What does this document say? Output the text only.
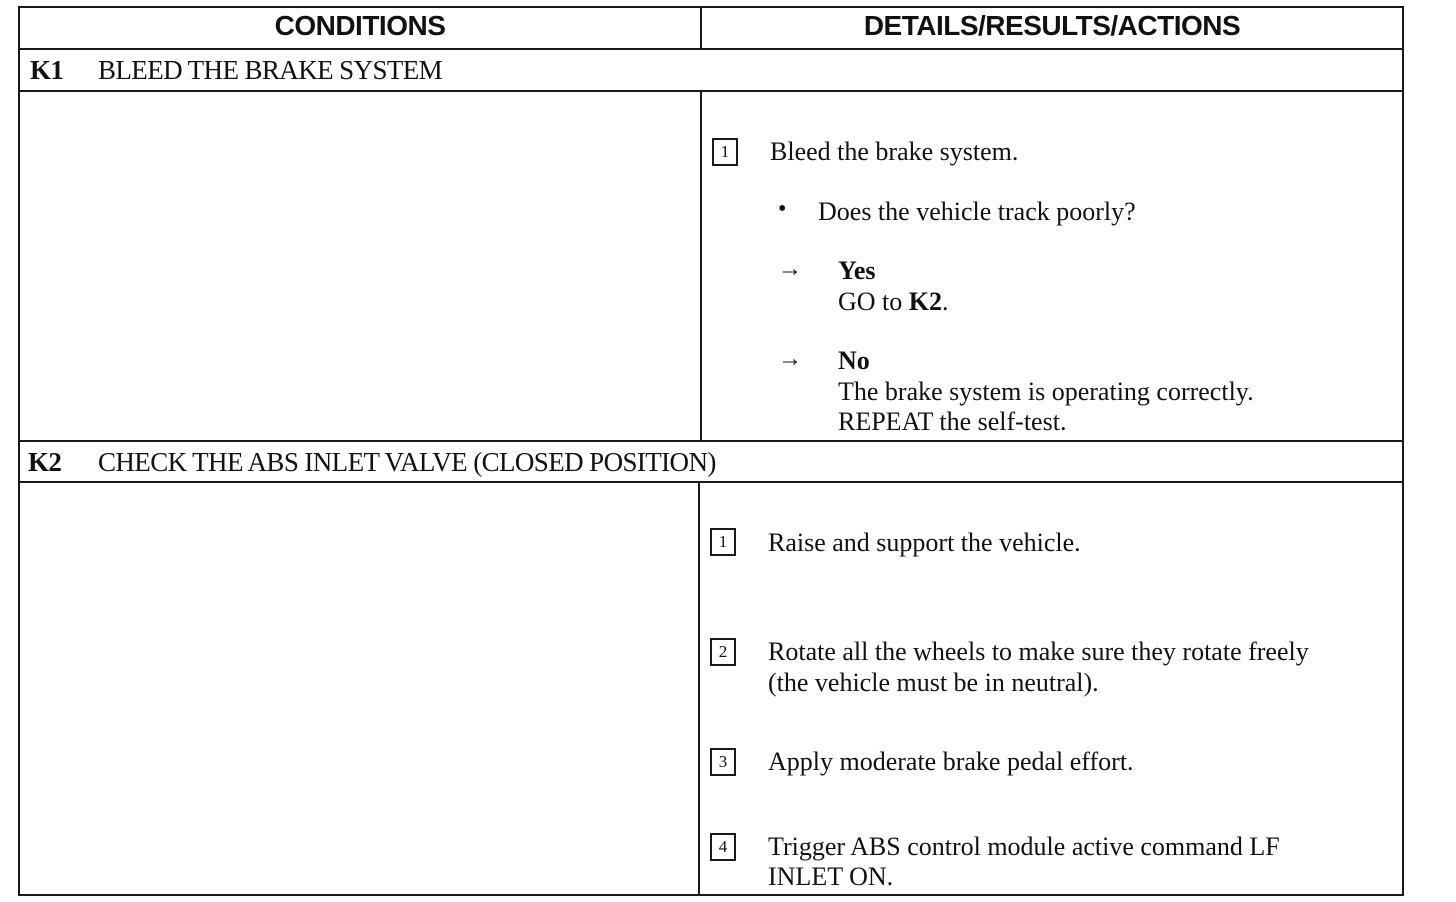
CONDITIONS	DETAILS/RESULTS/ACTIONS
K1 BLEED THE BRAKE SYSTEM
1	Bleed the brake system.
• Does the vehicle track poorly?
→ Yes
GO to K2.
→ No
The brake system is operating correctly.
REPEAT the self-test.
K2 CHECK THE ABS INLET VALVE (CLOSED POSITION)
1	Raise and support the vehicle.
2	Rotate all the wheels to make sure they rotate freely
(the vehicle must be in neutral).
3	Apply moderate brake pedal effort.
4	Trigger ABS control module active command LF
INLET ON.
